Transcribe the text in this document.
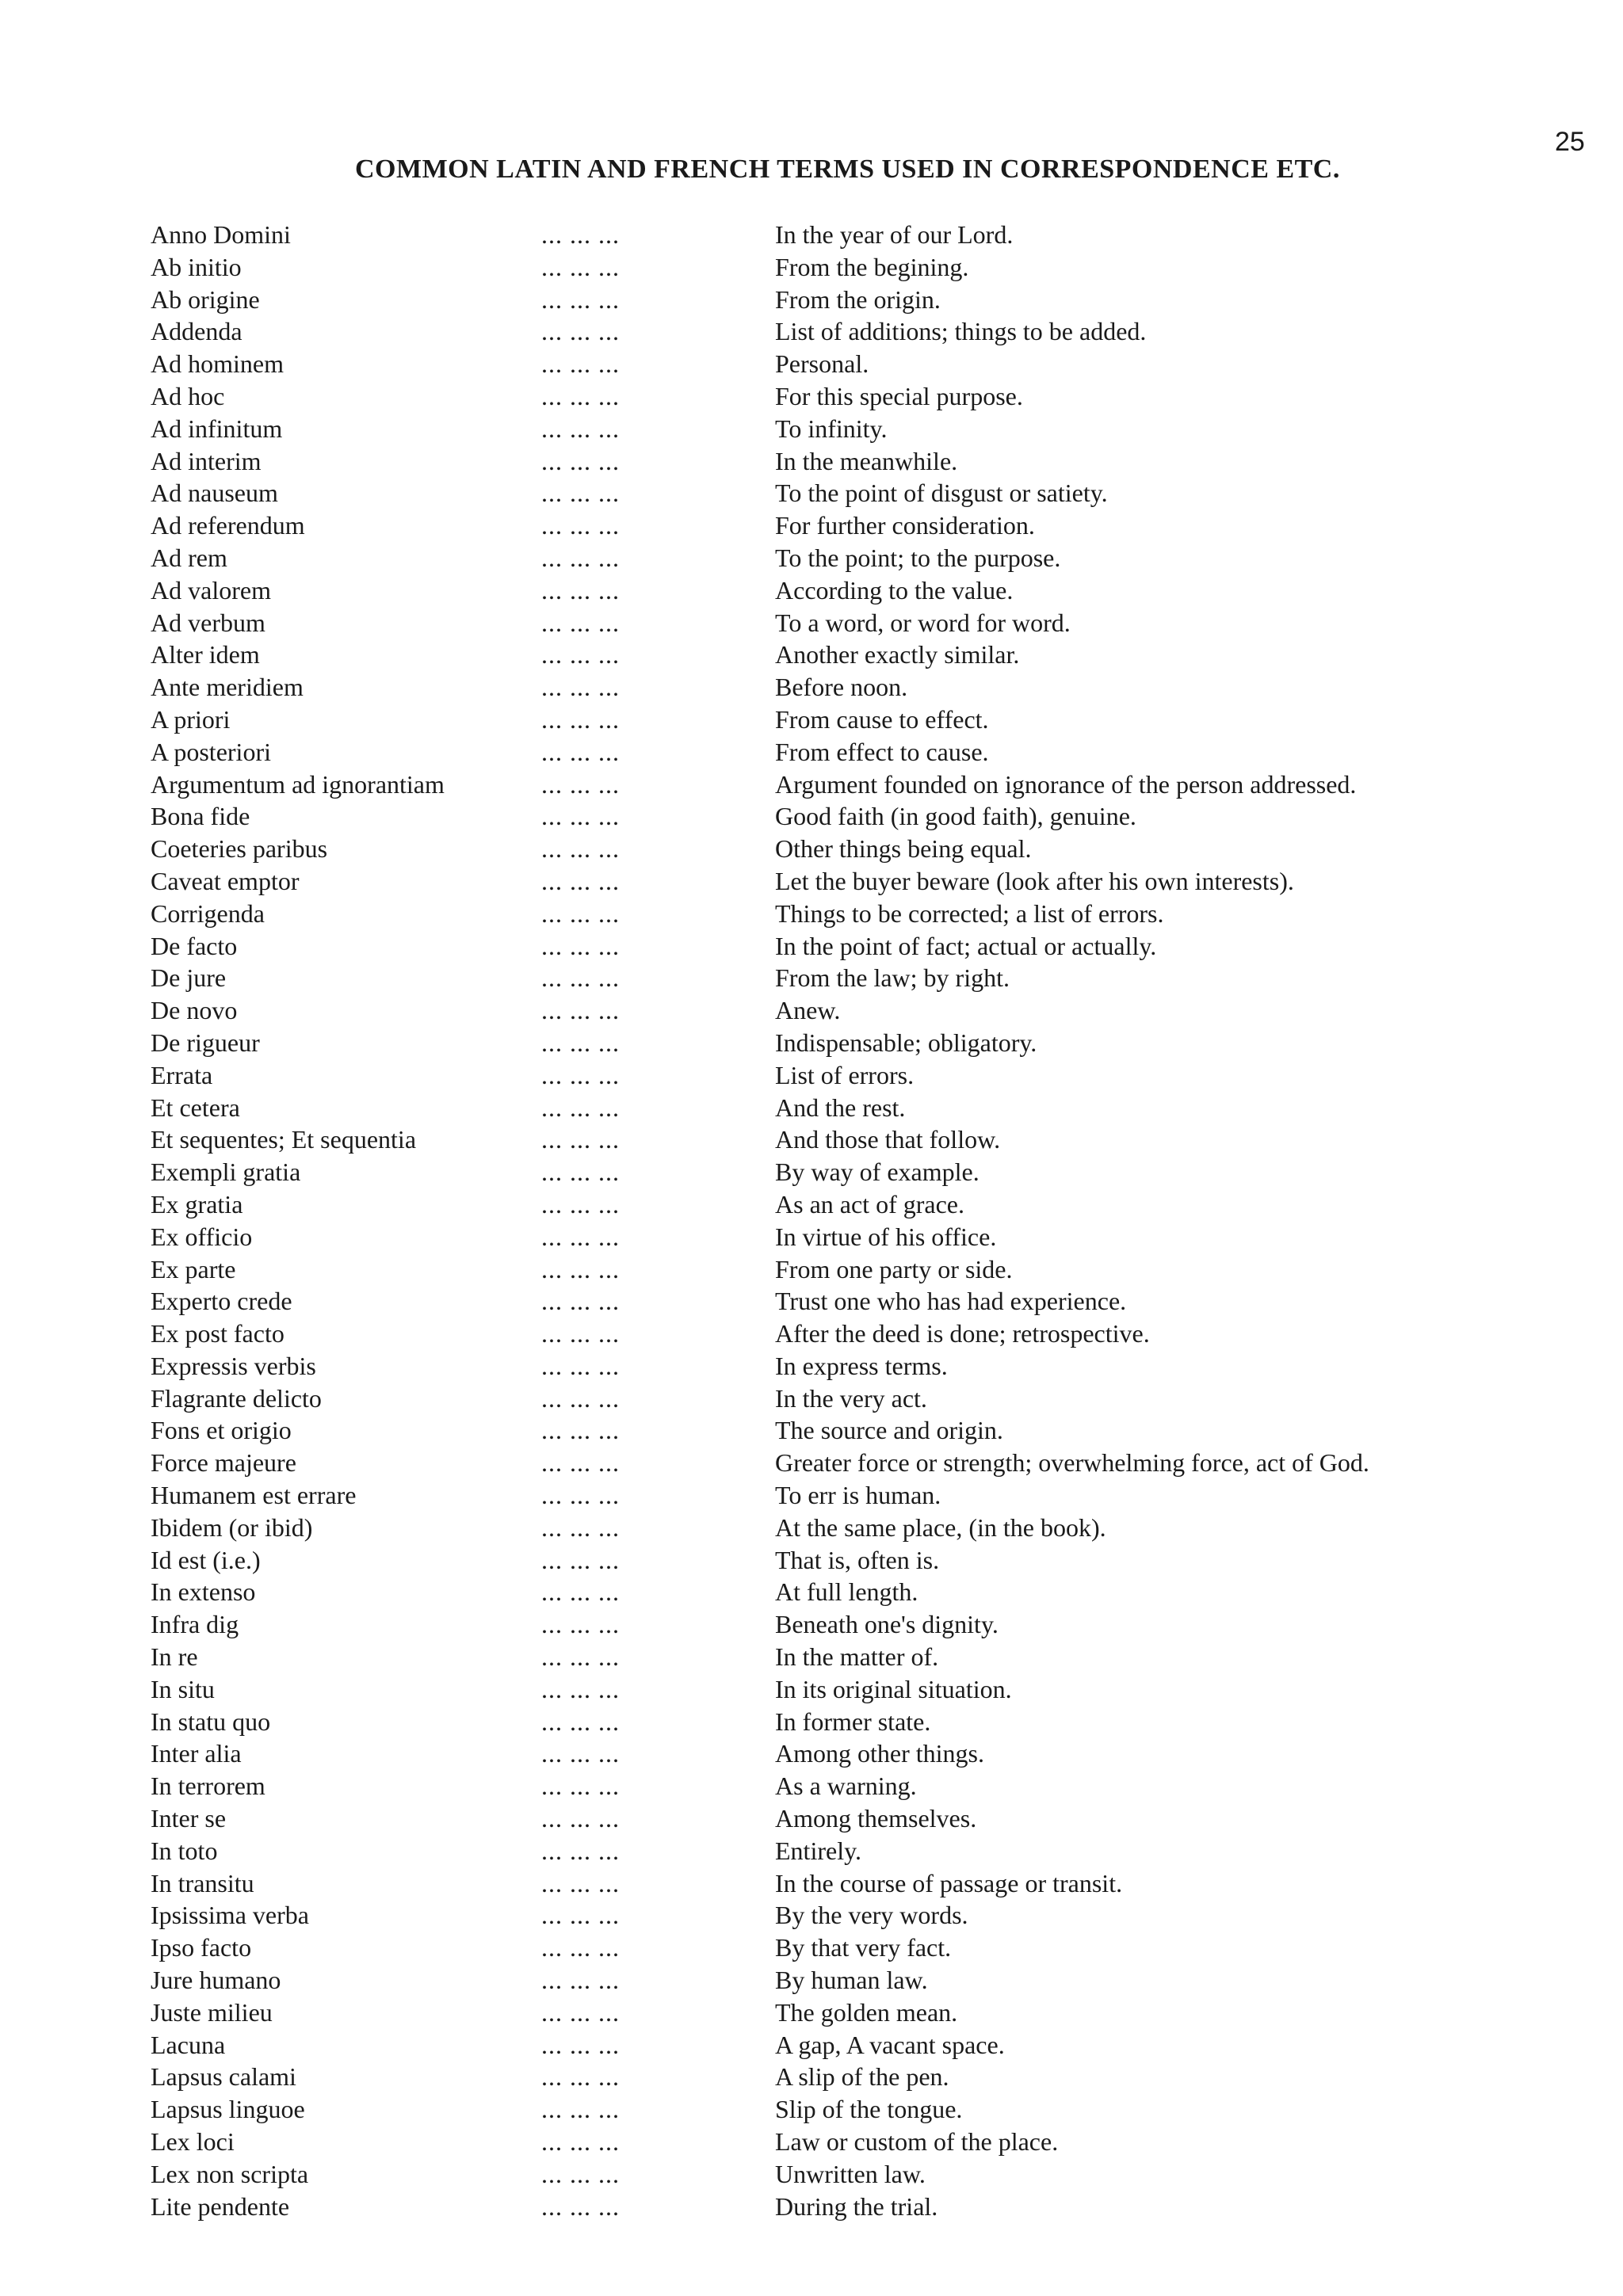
25
COMMON LATIN AND FRENCH TERMS USED IN CORRESPONDENCE ETC.
Anno Domini	... ... ...	In the year of our Lord.
Ab initio	... ... ...	From the begining.
Ab origine	... ... ...	From the origin.
Addenda	... ... ...	List of additions; things to be added.
Ad hominem	... ... ...	Personal.
Ad hoc	... ... ...	For this special purpose.
Ad infinitum	... ... ...	To infinity.
Ad interim	... ... ...	In the meanwhile.
Ad nauseum	... ... ...	To the point of disgust or satiety.
Ad referendum	... ... ...	For further consideration.
Ad rem	... ... ...	To the point; to the purpose.
Ad valorem	... ... ...	According to the value.
Ad verbum	... ... ...	To a word, or word for word.
Alter idem	... ... ...	Another exactly similar.
Ante meridiem	... ... ...	Before noon.
A priori	... ... ...	From cause to effect.
A posteriori	... ... ...	From effect to cause.
Argumentum ad ignorantiam	... ... ...	Argument founded on ignorance of the person addressed.
Bona fide	... ... ...	Good faith (in good faith), genuine.
Coeteries paribus	... ... ...	Other things being equal.
Caveat emptor	... ... ...	Let the buyer beware (look after his own interests).
Corrigenda	... ... ...	Things to be corrected; a list of errors.
De facto	... ... ...	In the point of fact; actual or actually.
De jure	... ... ...	From the law; by right.
De novo	... ... ...	Anew.
De rigueur	... ... ...	Indispensable; obligatory.
Errata	... ... ...	List of errors.
Et cetera	... ... ...	And the rest.
Et sequentes; Et sequentia	... ... ...	And those that follow.
Exempli gratia	... ... ...	By way of example.
Ex gratia	... ... ...	As an act of grace.
Ex officio	... ... ...	In virtue of his office.
Ex parte	... ... ...	From one party or side.
Experto crede	... ... ...	Trust one who has had experience.
Ex post facto	... ... ...	After the deed is done; retrospective.
Expressis verbis	... ... ...	In express terms.
Flagrante delicto	... ... ...	In the very act.
Fons et origio	... ... ...	The source and origin.
Force majeure	... ... ...	Greater force or strength; overwhelming force, act of God.
Humanem est errare	... ... ...	To err is human.
Ibidem (or ibid)	... ... ...	At the same place, (in the book).
Id est (i.e.)	... ... ...	That is, often is.
In extenso	... ... ...	At full length.
Infra dig	... ... ...	Beneath one's dignity.
In re	... ... ...	In the matter of.
In situ	... ... ...	In its original situation.
In statu quo	... ... ...	In former state.
Inter alia	... ... ...	Among other things.
In terrorem	... ... ...	As a warning.
Inter se	... ... ...	Among themselves.
In toto	... ... ...	Entirely.
In transitu	... ... ...	In the course of passage or transit.
Ipsissima verba	... ... ...	By the very words.
Ipso facto	... ... ...	By that very fact.
Jure humano	... ... ...	By human law.
Juste milieu	... ... ...	The golden mean.
Lacuna	... ... ...	A gap, A vacant space.
Lapsus calami	... ... ...	A slip of the pen.
Lapsus linguoe	... ... ...	Slip of the tongue.
Lex loci	... ... ...	Law or custom of the place.
Lex non scripta	... ... ...	Unwritten law.
Lite pendente	... ... ...	During the trial.
